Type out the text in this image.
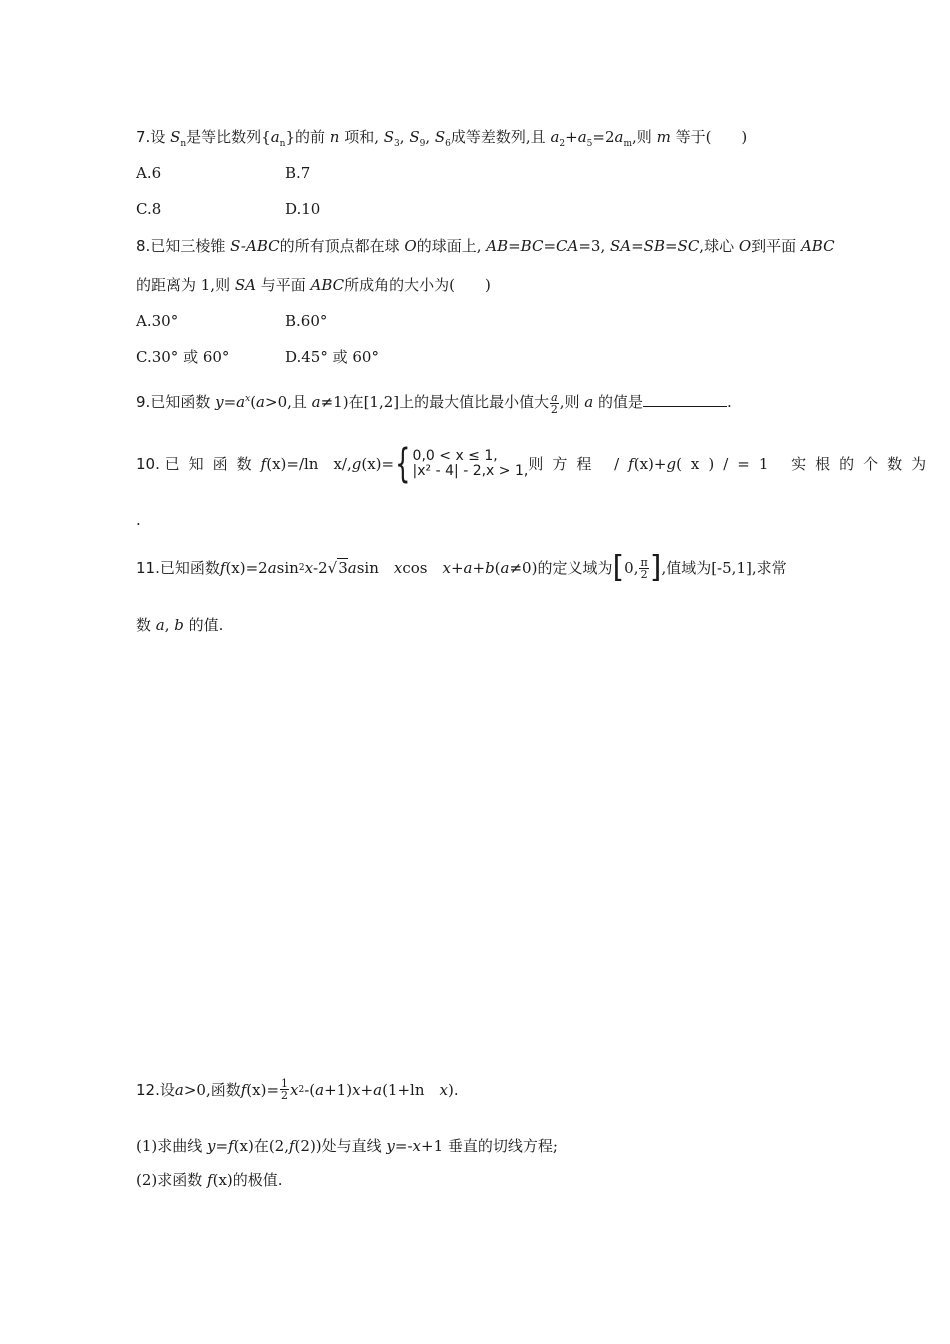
7.设 $S_n$是等比数列$\{a_n\}$的前 n 项和, $S_3$, $S_9$, $S_6$成等差数列,且 $a_2+a_5=2a_m$,则 m 等于(　　)
A.6	B.7
C.8	D.10
8.已知三棱锥 S-ABC的所有顶点都在球 O的球面上, AB=BC=CA=3, SA=SB=SC,球心 O到平面 ABC
的距离为 1,则 SA 与平面 ABC所成角的大小为(　　)
A.30°	B.60°
C.30° 或 60°	D.45° 或 60°
9.已知函数 $y=a^x(a>0$,且 a≠1)在[1,2]上的最大值比最小值大 $\frac{a}{2}$ ,则 a 的值是	.
10.
已知函数 f (x)=/ln　x/, g (x)= { 0,0 < x ≤ 1,
|x² - 4| - 2,x > 1, 则方程 / f (x)+ g (x)/=1 实根的个数为
.
11. 已知函数 f (x)=2 a sin 2 x -2 √3 a sin　 x cos　 x + a + b ( a ≠0)的定义域为 [ 0, $\frac{\pi}{2}$ ] ,值域为[-5,1],求常
数 a, b 的值.
12. 设 a >0,函数 f $(x)= \frac{1}{2}$ x 2 -( a +1) x + a (1+ln　 x ).
(1)求曲线 y=f(x)在(2,f(2))处与直线 y=-x+1 垂直的切线方程;
(2)求函数 f(x)的极值.
